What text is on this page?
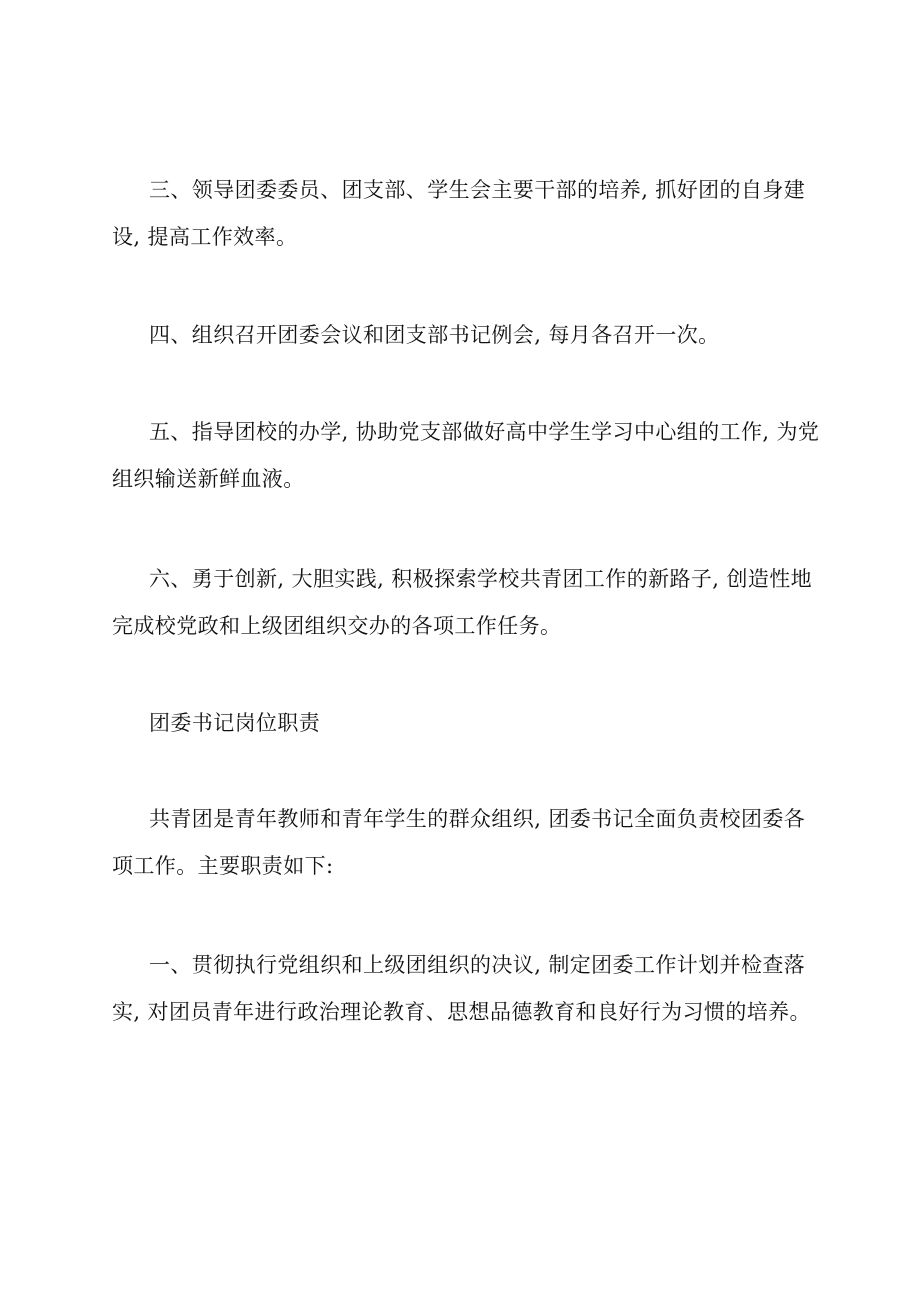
三、领导团委委员、团支部、学生会主要干部的培养, 抓好团的自身建
设, 提高工作效率。

四、组织召开团委会议和团支部书记例会, 每月各召开一次。

五、指导团校的办学, 协助党支部做好高中学生学习中心组的工作, 为党
组织输送新鲜血液。

六、勇于创新, 大胆实践, 积极探索学校共青团工作的新路子, 创造性地
完成校党政和上级团组织交办的各项工作任务。

团委书记岗位职责

共青团是青年教师和青年学生的群众组织, 团委书记全面负责校团委各
项工作。主要职责如下:

一、贯彻执行党组织和上级团组织的决议, 制定团委工作计划并检查落
实, 对团员青年进行政治理论教育、思想品德教育和良好行为习惯的培养。
